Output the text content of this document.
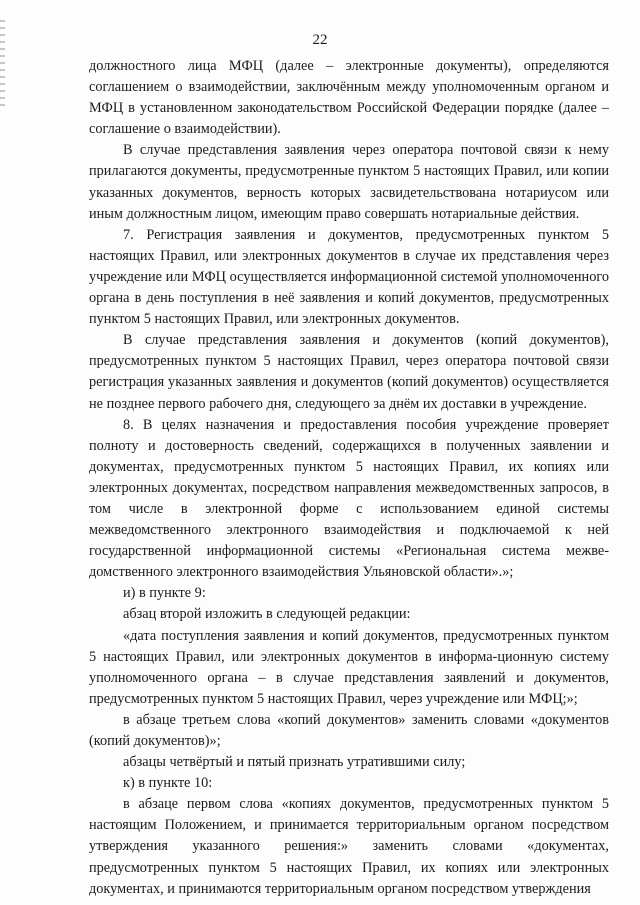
22

должностного лица МФЦ (далее – электронные документы), определяются соглашением о взаимодействии, заключённым между уполномоченным органом и МФЦ в установленном законодательством Российской Федерации порядке (далее – соглашение о взаимодействии).

В случае представления заявления через оператора почтовой связи к нему прилагаются документы, предусмотренные пунктом 5 настоящих Правил, или копии указанных документов, верность которых засвидетельствована нотариусом или иным должностным лицом, имеющим право совершать нотариальные действия.

7. Регистрация заявления и документов, предусмотренных пунктом 5 настоящих Правил, или электронных документов в случае их представления через учреждение или МФЦ осуществляется информационной системой уполномоченного органа в день поступления в неё заявления и копий документов, предусмотренных пунктом 5 настоящих Правил, или электронных документов.

В случае представления заявления и документов (копий документов), предусмотренных пунктом 5 настоящих Правил, через оператора почтовой связи регистрация указанных заявления и документов (копий документов) осуществляется не позднее первого рабочего дня, следующего за днём их доставки в учреждение.

8. В целях назначения и предоставления пособия учреждение проверяет полноту и достоверность сведений, содержащихся в полученных заявлении и документах, предусмотренных пунктом 5 настоящих Правил, их копиях или электронных документах, посредством направления межведомственных запросов, в том числе в электронной форме с использованием единой системы межведомственного электронного взаимодействия и подключаемой к ней государственной информационной системы «Региональная система межве-домственного электронного взаимодействия Ульяновской области».»;

и) в пункте 9:

абзац второй изложить в следующей редакции:

«дата поступления заявления и копий документов, предусмотренных пунктом 5 настоящих Правил, или электронных документов в информа-ционную систему уполномоченного органа – в случае представления заявлений и документов, предусмотренных пунктом 5 настоящих Правил, через учреждение или МФЦ;»;

в абзаце третьем слова «копий документов» заменить словами «документов (копий документов)»;

абзацы четвёртый и пятый признать утратившими силу;

к) в пункте 10:

в абзаце первом слова «копиях документов, предусмотренных пунктом 5 настоящим Положением, и принимается территориальным органом посредством утверждения указанного решения:» заменить словами «документах, предусмотренных пунктом 5 настоящих Правил, их копиях или электронных документах, и принимаются территориальным органом посредством утверждения
